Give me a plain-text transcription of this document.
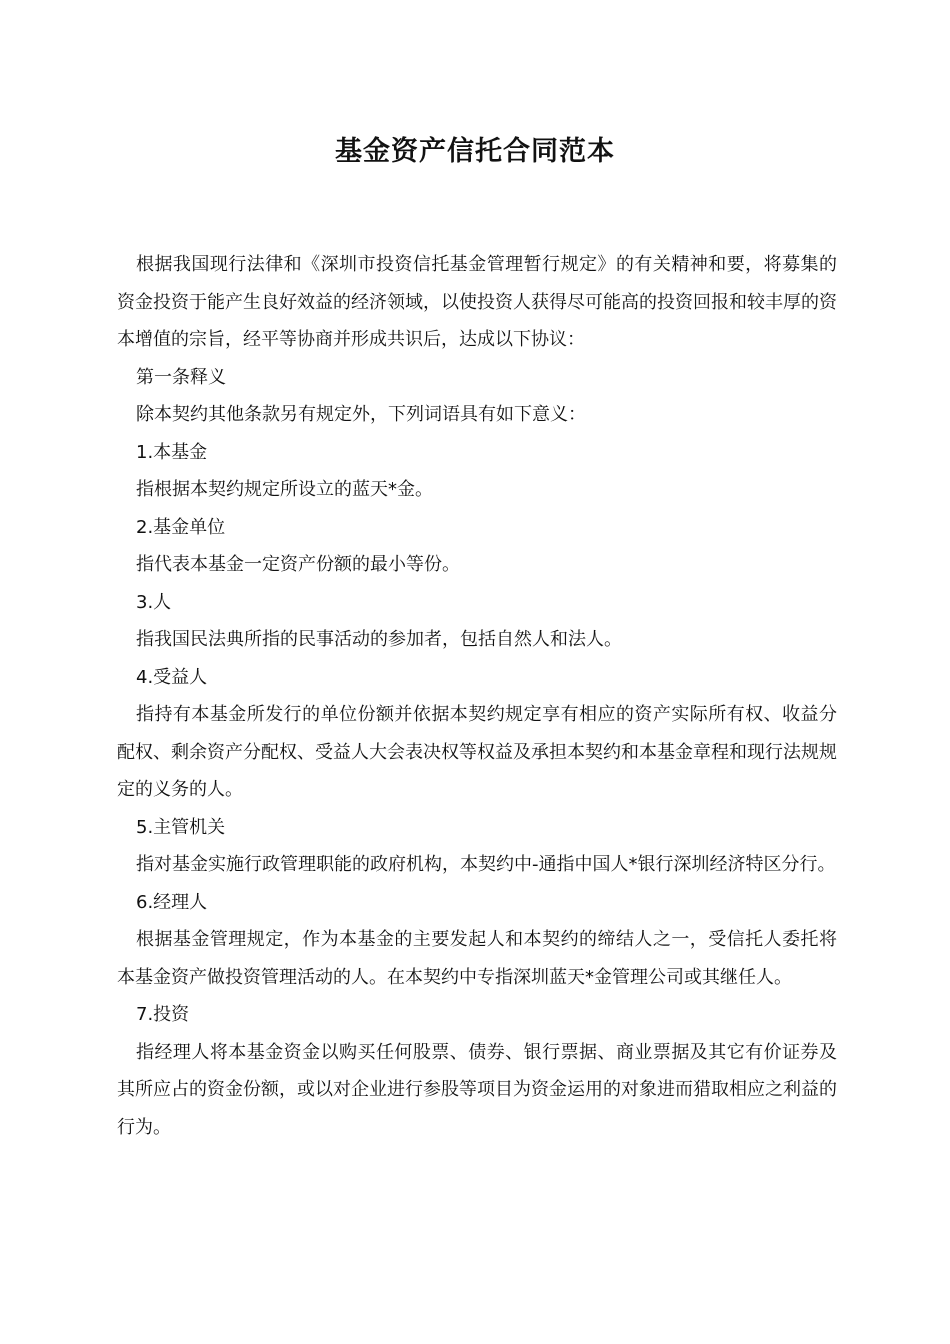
基金资产信托合同范本

根据我国现行法律和《深圳市投资信托基金管理暂行规定》的有关精神和要，将募集的资金投资于能产生良好效益的经济领域，以使投资人获得尽可能高的投资回报和较丰厚的资本增值的宗旨，经平等协商并形成共识后，达成以下协议：

第一条释义

除本契约其他条款另有规定外，下列词语具有如下意义：

1.本基金

指根据本契约规定所设立的蓝天*金。

2.基金单位

指代表本基金一定资产份额的最小等份。

3.人

指我国民法典所指的民事活动的参加者，包括自然人和法人。

4.受益人

指持有本基金所发行的单位份额并依据本契约规定享有相应的资产实际所有权、收益分配权、剩余资产分配权、受益人大会表决权等权益及承担本契约和本基金章程和现行法规规定的义务的人。

5.主管机关

指对基金实施行政管理职能的政府机构，本契约中-通指中国人*银行深圳经济特区分行。

6.经理人

根据基金管理规定，作为本基金的主要发起人和本契约的缔结人之一，受信托人委托将本基金资产做投资管理活动的人。在本契约中专指深圳蓝天*金管理公司或其继任人。

7.投资

指经理人将本基金资金以购买任何股票、债券、银行票据、商业票据及其它有价证券及其所应占的资金份额，或以对企业进行参股等项目为资金运用的对象进而猎取相应之利益的行为。
